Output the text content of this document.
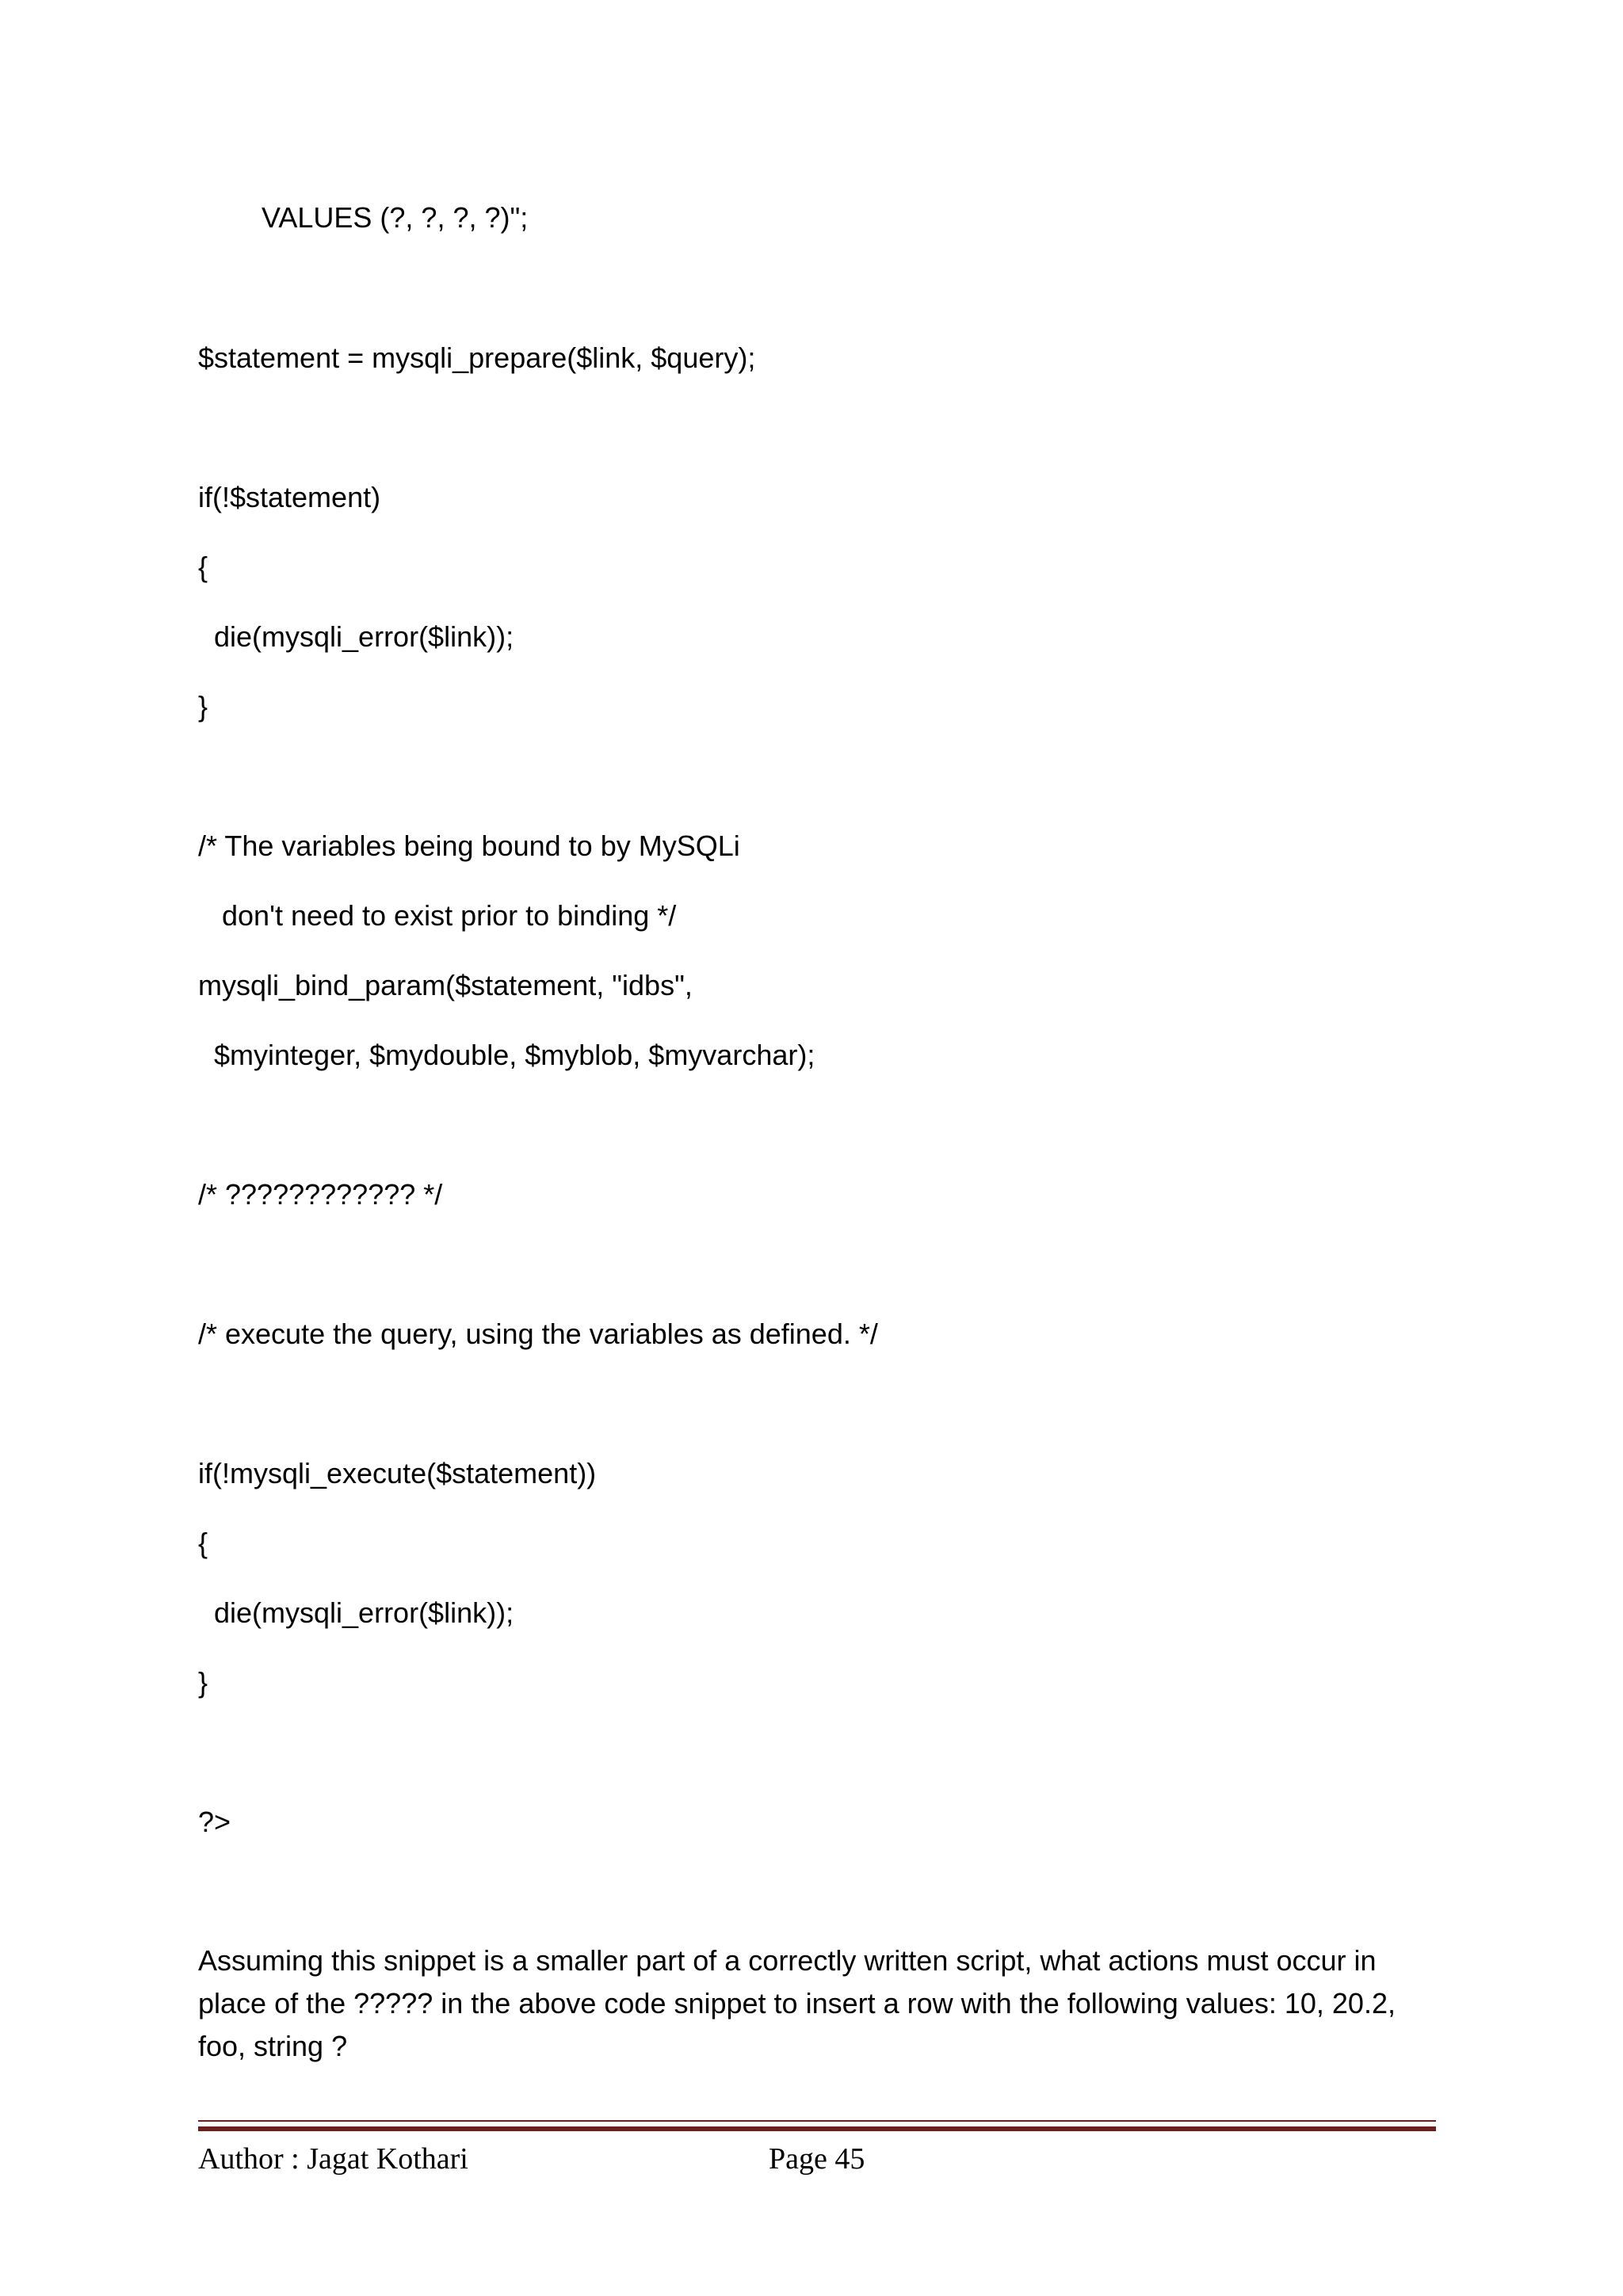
VALUES (?, ?, ?, ?)";
$statement = mysqli_prepare($link, $query);
if(!$statement)
{
die(mysqli_error($link));
}
/* The variables being bound to by MySQLi
don't need to exist prior to binding */
mysqli_bind_param($statement, "idbs",
$myinteger, $mydouble, $myblob, $myvarchar);
/* ???????????? */
/* execute the query, using the variables as defined. */
if(!mysqli_execute($statement))
{
die(mysqli_error($link));
}
?>
Assuming this snippet is a smaller part of a correctly written script, what actions must occur in place of the ????? in the above code snippet to insert a row with the following values: 10, 20.2, foo, string ?
Author : Jagat Kothari	Page 45
